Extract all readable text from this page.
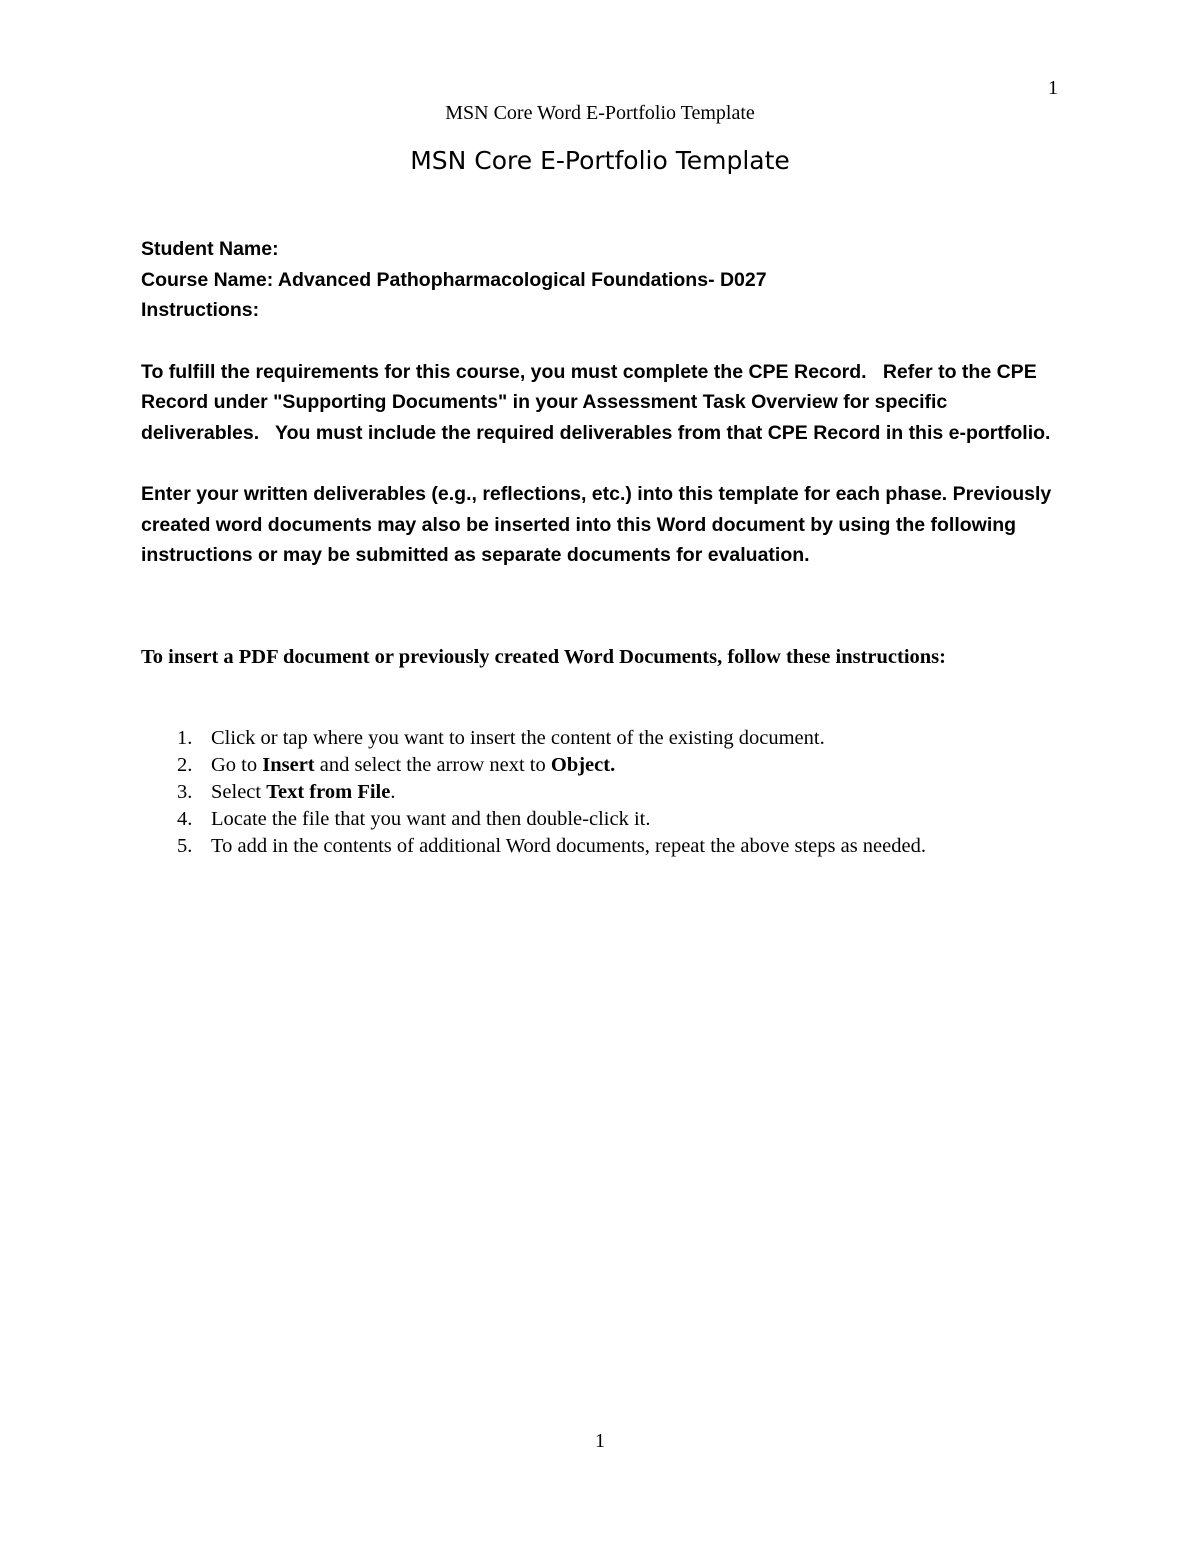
1
MSN Core Word E-Portfolio Template
MSN Core E-Portfolio Template

Student Name:

Course Name: Advanced Pathopharmacological Foundations- D027

Instructions:

To fulfill the requirements for this course, you must complete the CPE Record.   Refer to the CPE Record under "Supporting Documents" in your Assessment Task Overview for specific deliverables.   You must include the required deliverables from that CPE Record in this e-portfolio.

Enter your written deliverables (e.g., reflections, etc.) into this template for each phase. Previously created word documents may also be inserted into this Word document by using the following instructions or may be submitted as separate documents for evaluation.

To insert a PDF document or previously created Word Documents, follow these instructions:

1. Click or tap where you want to insert the content of the existing document.
2. Go to Insert and select the arrow next to Object.
3. Select Text from File.
4. Locate the file that you want and then double-click it.
5. To add in the contents of additional Word documents, repeat the above steps as needed.
1
